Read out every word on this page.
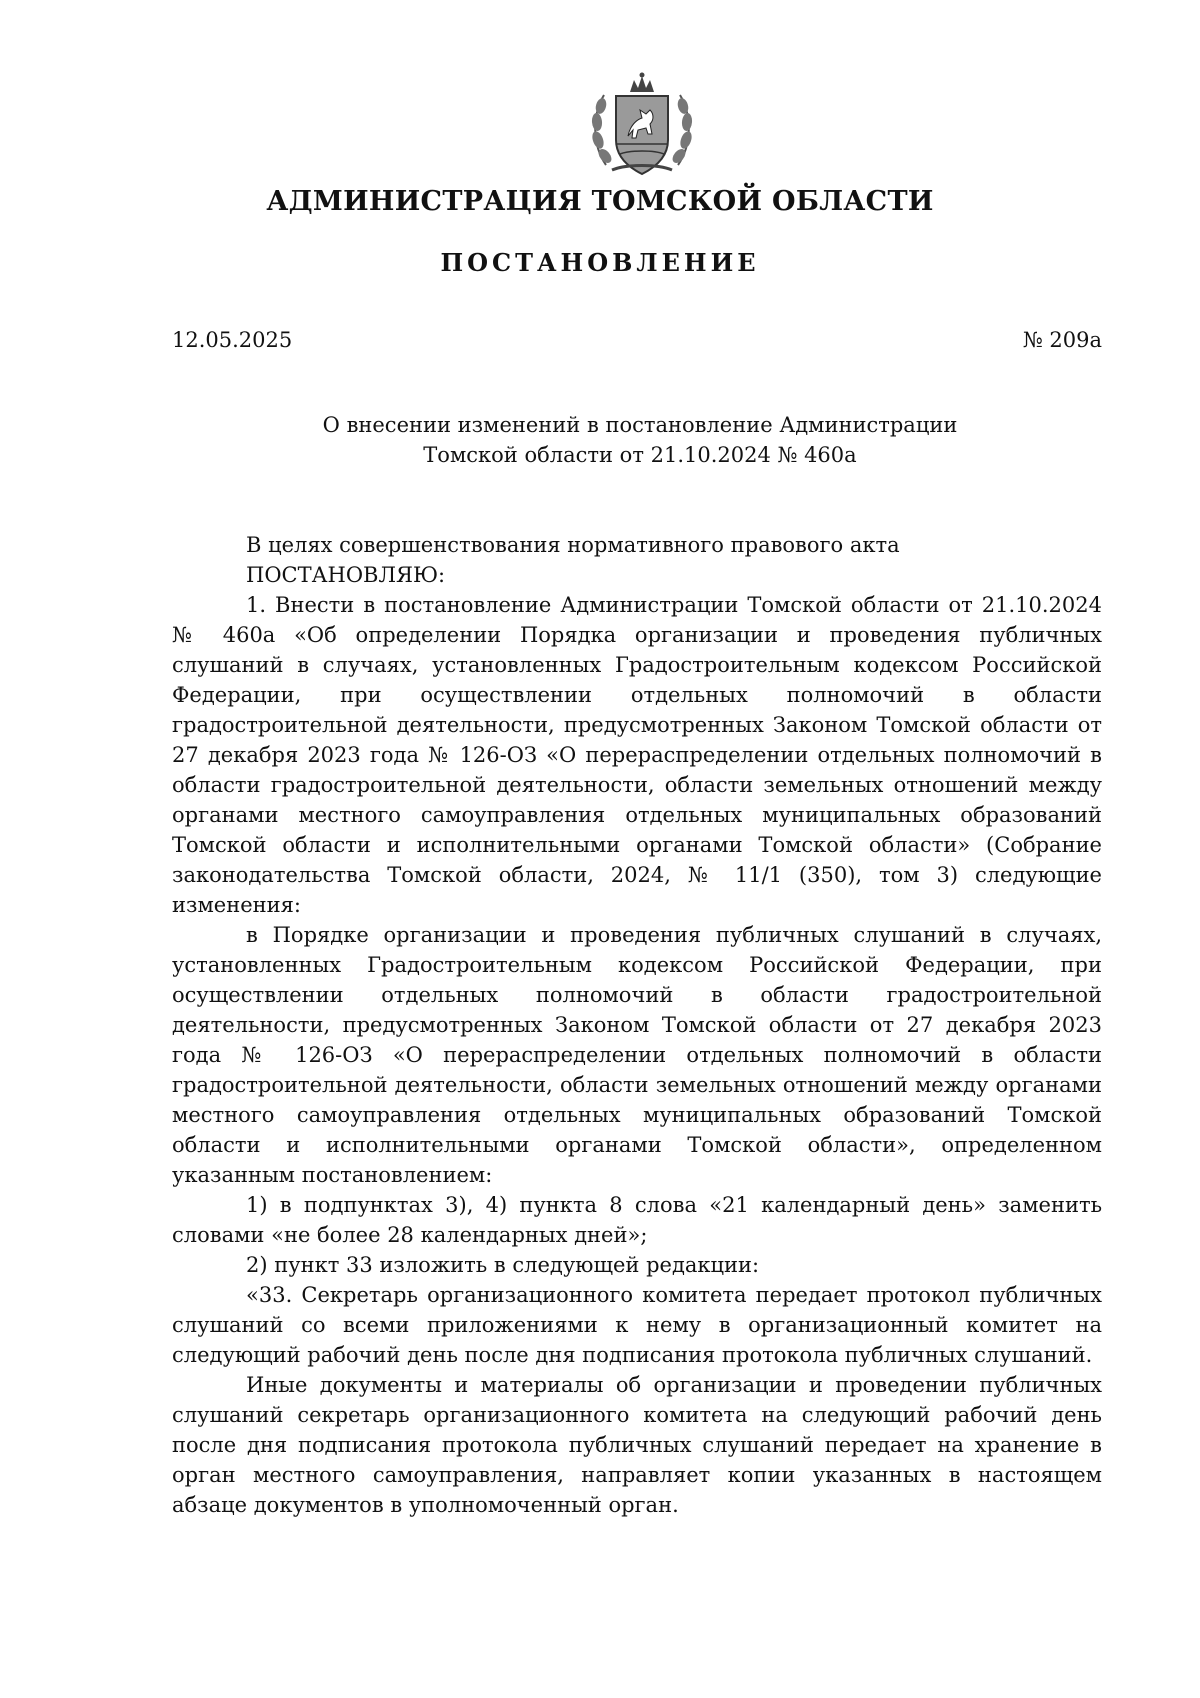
АДМИНИСТРАЦИЯ ТОМСКОЙ ОБЛАСТИ
ПОСТАНОВЛЕНИЕ
12.05.2025	№ 209а
О внесении изменений в постановление Администрации
Томской области от 21.10.2024 № 460а

В целях совершенствования нормативного правового акта

ПОСТАНОВЛЯЮ:

1. Внести в постановление Администрации Томской области от 21.10.2024 № 460а «Об определении Порядка организации и проведения публичных слушаний в случаях, установленных Градостроительным кодексом Российской Федерации, при осуществлении отдельных полномочий в области градостроительной деятельности, предусмотренных Законом Томской области от 27 декабря 2023 года № 126-ОЗ «О перераспределении отдельных полномочий в области градостроительной деятельности, области земельных отношений между органами местного самоуправления отдельных муниципальных образований Томской области и исполнительными органами Томской области» (Собрание законодательства Томской области, 2024, № 11/1 (350), том 3) следующие изменения:

в Порядке организации и проведения публичных слушаний в случаях, установленных Градостроительным кодексом Российской Федерации, при осуществлении отдельных полномочий в области градостроительной деятельности, предусмотренных Законом Томской области от 27 декабря 2023 года № 126-ОЗ «О перераспределении отдельных полномочий в области градостроительной деятельности, области земельных отношений между органами местного самоуправления отдельных муниципальных образований Томской области и исполнительными органами Томской области», определенном указанным постановлением:

1) в подпунктах 3), 4) пункта 8 слова «21 календарный день» заменить словами «не более 28 календарных дней»;

2) пункт 33 изложить в следующей редакции:

«33. Секретарь организационного комитета передает протокол публичных слушаний со всеми приложениями к нему в организационный комитет на следующий рабочий день после дня подписания протокола публичных слушаний.

Иные документы и материалы об организации и проведении публичных слушаний секретарь организационного комитета на следующий рабочий день после дня подписания протокола публичных слушаний передает на хранение в орган местного самоуправления, направляет копии указанных в настоящем абзаце документов в уполномоченный орган.
